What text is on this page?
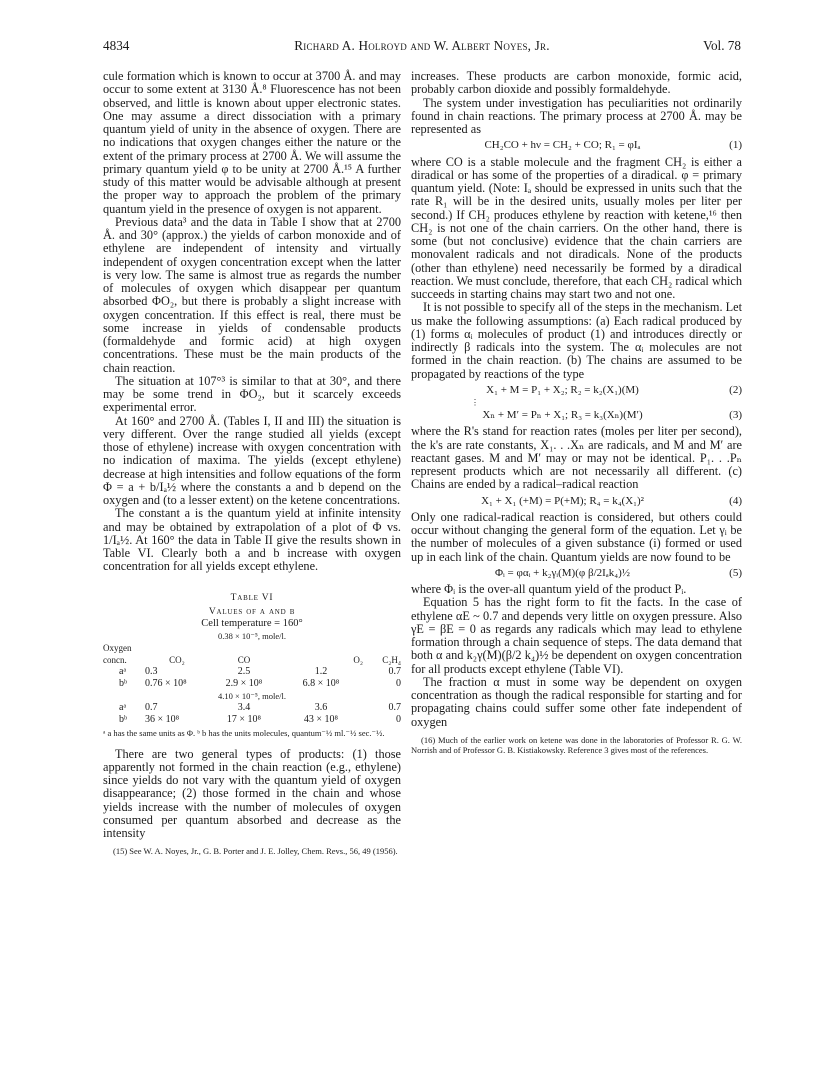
4834	Richard A. Holroyd and W. Albert Noyes, Jr.	Vol. 78

cule formation which is known to occur at 3700 Å. and may occur to some extent at 3130 Å.⁸ Fluorescence has not been observed, and little is known about upper electronic states. One may assume a direct dissociation with a primary quantum yield of unity in the absence of oxygen. There are no indications that oxygen changes either the nature or the extent of the primary process at 2700 Å. We will assume the primary quantum yield φ to be unity at 2700 Å.¹⁵ A further study of this matter would be advisable although at present the proper way to approach the problem of the primary quantum yield in the presence of oxygen is not apparent.

Previous data³ and the data in Table I show that at 2700 Å. and 30° (approx.) the yields of carbon monoxide and of ethylene are independent of intensity and virtually independent of oxygen concentration except when the latter is very low. The same is almost true as regards the number of molecules of oxygen which disappear per quantum absorbed ΦO₂, but there is probably a slight increase with oxygen concentration. If this effect is real, there must be some increase in yields of condensable products (formaldehyde and formic acid) at high oxygen concentrations. These must be the main products of the chain reaction.

The situation at 107°³ is similar to that at 30°, and there may be some trend in ΦO₂, but it scarcely exceeds experimental error.

At 160° and 2700 Å. (Tables I, II and III) the situation is very different. Over the range studied all yields (except those of ethylene) increase with oxygen concentration with no indication of maxima. The yields (except ethylene) decrease at high intensities and follow equations of the form Φ = a + b/Iₐ½ where the constants a and b depend on the oxygen and (to a lesser extent) on the ketene concentrations.

The constant a is the quantum yield at infinite intensity and may be obtained by extrapolation of a plot of Φ vs. 1/Iₐ½. At 160° the data in Table II give the results shown in Table VI. Clearly both a and b increase with oxygen concentration for all yields except ethylene.

Table VI
Values of a and b
Cell temperature = 160°
0.38 × 10⁻⁵, mole/l.				
Oxygen				
concn.	CO₂	CO	O₂	C₂H₄
aᵃ	0.3	2.5	1.2	0.7
bᵇ	0.76 × 10⁸	2.9 × 10⁸	6.8 × 10⁸	0
4.10 × 10⁻⁵, mole/l.				
aᵃ	0.7	3.4	3.6	0.7
bᵇ	36 × 10⁸	17 × 10⁸	43 × 10⁸	0
ᵃ a has the same units as Φ. ᵇ b has the units molecules, quantum⁻½ ml.⁻½ sec.⁻½.

There are two general types of products: (1) those apparently not formed in the chain reaction (e.g., ethylene) since yields do not vary with the quantum yield of oxygen disappearance; (2) those formed in the chain and whose yields increase with the number of molecules of oxygen consumed per quantum absorbed and decrease as the intensity

(15) See W. A. Noyes, Jr., G. B. Porter and J. E. Jolley, Chem. Revs., 56, 49 (1956).

increases. These products are carbon monoxide, formic acid, probably carbon dioxide and possibly formaldehyde.

The system under investigation has peculiarities not ordinarily found in chain reactions. The primary process at 2700 Å. may be represented as

CH₂CO + hν = CH₂ + CO; R₁ = φIₐ	(1)

where CO is a stable molecule and the fragment CH₂ is either a diradical or has some of the properties of a diradical. φ = primary quantum yield. (Note: Iₐ should be expressed in units such that the rate R₁ will be in the desired units, usually moles per liter per second.) If CH₂ produces ethylene by reaction with ketene,¹⁶ then CH₂ is not one of the chain carriers. On the other hand, there is some (but not conclusive) evidence that the chain carriers are monovalent radicals and not diradicals. None of the products (other than ethylene) need necessarily be formed by a diradical reaction. We must conclude, therefore, that each CH₂ radical which succeeds in starting chains may start two and not one.

It is not possible to specify all of the steps in the mechanism. Let us make the following assumptions: (a) Each radical produced by (1) forms αᵢ molecules of product (1) and introduces directly or indirectly β radicals into the system. The αᵢ molecules are not formed in the chain reaction. (b) The chains are assumed to be propagated by reactions of the type

X₁ + M = P₁ + X₂; R₂ = k₂(X₁)(M)	(2)
⋮
Xₙ + M′ = Pₙ + X₁; R₃ = k₃(Xₙ)(M′)	(3)

where the R's stand for reaction rates (moles per liter per second), the k's are rate constants, X₁. . .Xₙ are radicals, and M and M′ are reactant gases. M and M′ may or may not be identical. P₁. . .Pₙ represent products which are not necessarily all different. (c) Chains are ended by a radical–radical reaction

X₁ + X₁ (+M) = P(+M); R₄ = k₄(X₁)²	(4)

Only one radical-radical reaction is considered, but others could occur without changing the general form of the equation. Let γᵢ be the number of molecules of a given substance (i) formed or used up in each link of the chain. Quantum yields are now found to be

Φᵢ = φαᵢ + k₂γᵢ(M)(φ β/2Iₐk₄)½	(5)

where Φᵢ is the over-all quantum yield of the product Pᵢ.

Equation 5 has the right form to fit the facts. In the case of ethylene αE ~ 0.7 and depends very little on oxygen pressure. Also γE = βE = 0 as regards any radicals which may lead to ethylene formation through a chain sequence of steps. The data demand that both α and k₂γ(M)(β/2 k₄)½ be dependent on oxygen concentration for all products except ethylene (Table VI).

The fraction α must in some way be dependent on oxygen concentration as though the radical responsible for starting and for propagating chains could suffer some other fate independent of oxygen

(16) Much of the earlier work on ketene was done in the laboratories of Professor R. G. W. Norrish and of Professor G. B. Kistiakowsky. Reference 3 gives most of the references.
